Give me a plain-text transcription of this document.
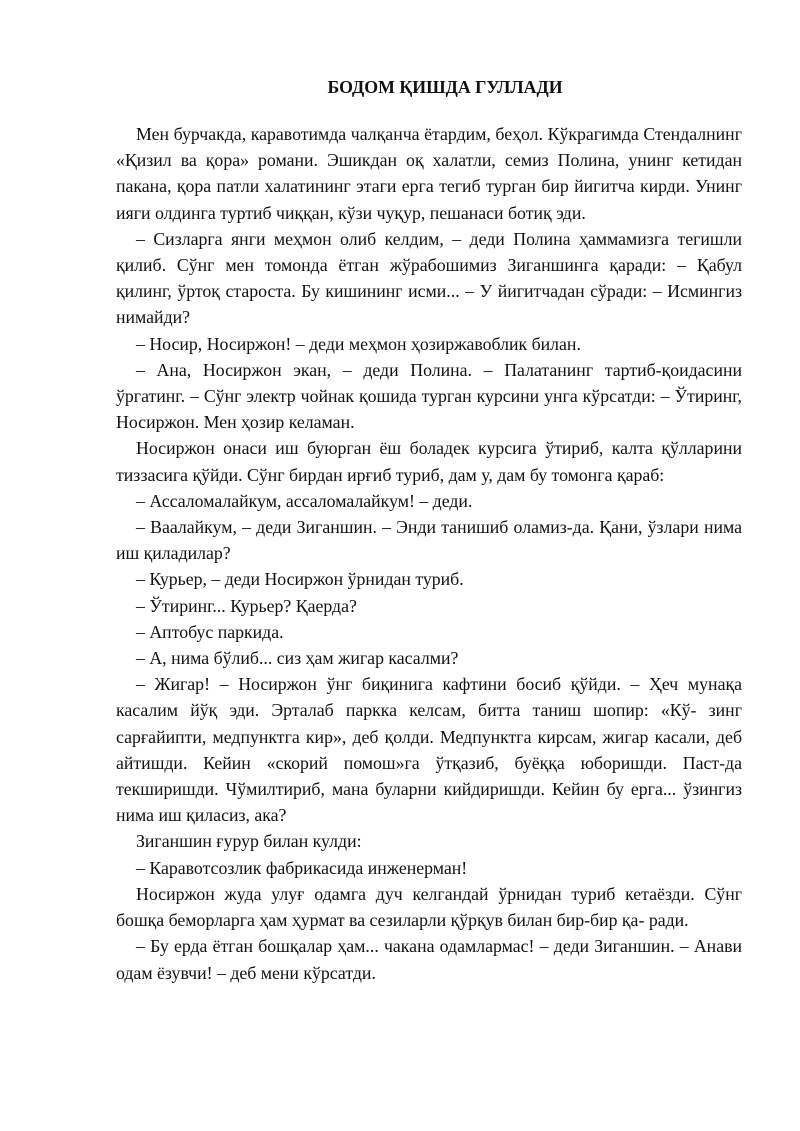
БОДОМ ҚИШДА ГУЛЛАДИ

Мен бурчакда, каравотимда чалқанча ётардим, беҳол. Кўкрагимда Стендалнинг «Қизил ва қора» романи. Эшикдан оқ халатли, семиз Полина, унинг кетидан пакана, қора патли халатининг этаги ерга тегиб турган бир йигитча кирди. Унинг ияги олдинга туртиб чиққан, кўзи чуқур, пешанаси ботиқ эди.

– Сизларга янги меҳмон олиб келдим, – деди Полина ҳаммамизга тегишли қилиб. Сўнг мен томонда ётган жўрабошимиз Зиганшинга қаради: – Қабул қилинг, ўртоқ староста. Бу кишининг исми... – У йигитчадан сўради: – Исмингиз нимайди?

– Носир, Носиржон! – деди меҳмон ҳозиржавоблик билан.

– Ана, Носиржон экан, – деди Полина. – Палатанинг тартиб-қоидасини ўргатинг. – Сўнг электр чойнак қошида турган курсини унга кўрсатди: – Ўтиринг, Носиржон. Мен ҳозир келаман.

Носиржон онаси иш буюрган ёш боладек курсига ўтириб, калта қўлларини тиззасига қўйди. Сўнг бирдан ирғиб туриб, дам у, дам бу томонга қараб:

– Ассаломалайкум, ассаломалайкум! – деди.

– Ваалайкум, – деди Зиганшин. – Энди танишиб оламиз-да. Қани, ўзлари нима иш қиладилар?

– Курьер, – деди Носиржон ўрнидан туриб.

– Ўтиринг... Курьер? Қаерда?

– Аптобус паркида.

– А, нима бўлиб... сиз ҳам жигар касалми?

– Жигар! – Носиржон ўнг биқинига кафтини босиб қўйди. – Ҳеч мунақа касалим йўқ эди. Эрталаб паркка келсам, битта таниш шопир: «Кў- зинг сарғайипти, медпунктга кир», деб қолди. Медпунктга кирсам, жигар касали, деб айтишди. Кейин «скорий помош»га ўтқазиб, буёққа юборишди. Паст-да текширишди. Чўмилтириб, мана буларни кийдиришди. Кейин бу ерга... ўзингиз нима иш қиласиз, ака?

Зиганшин ғурур билан кулди:

– Каравотсозлик фабрикасида инженерман!

Носиржон жуда улуғ одамга дуч келгандай ўрнидан туриб кетаёзди. Сўнг бошқа беморларга ҳам ҳурмат ва сезиларли қўрқув билан бир-бир қа- ради.

– Бу ерда ётган бошқалар ҳам... чакана одамлармас! – деди Зиганшин. – Анави одам ёзувчи! – деб мени кўрсатди.
